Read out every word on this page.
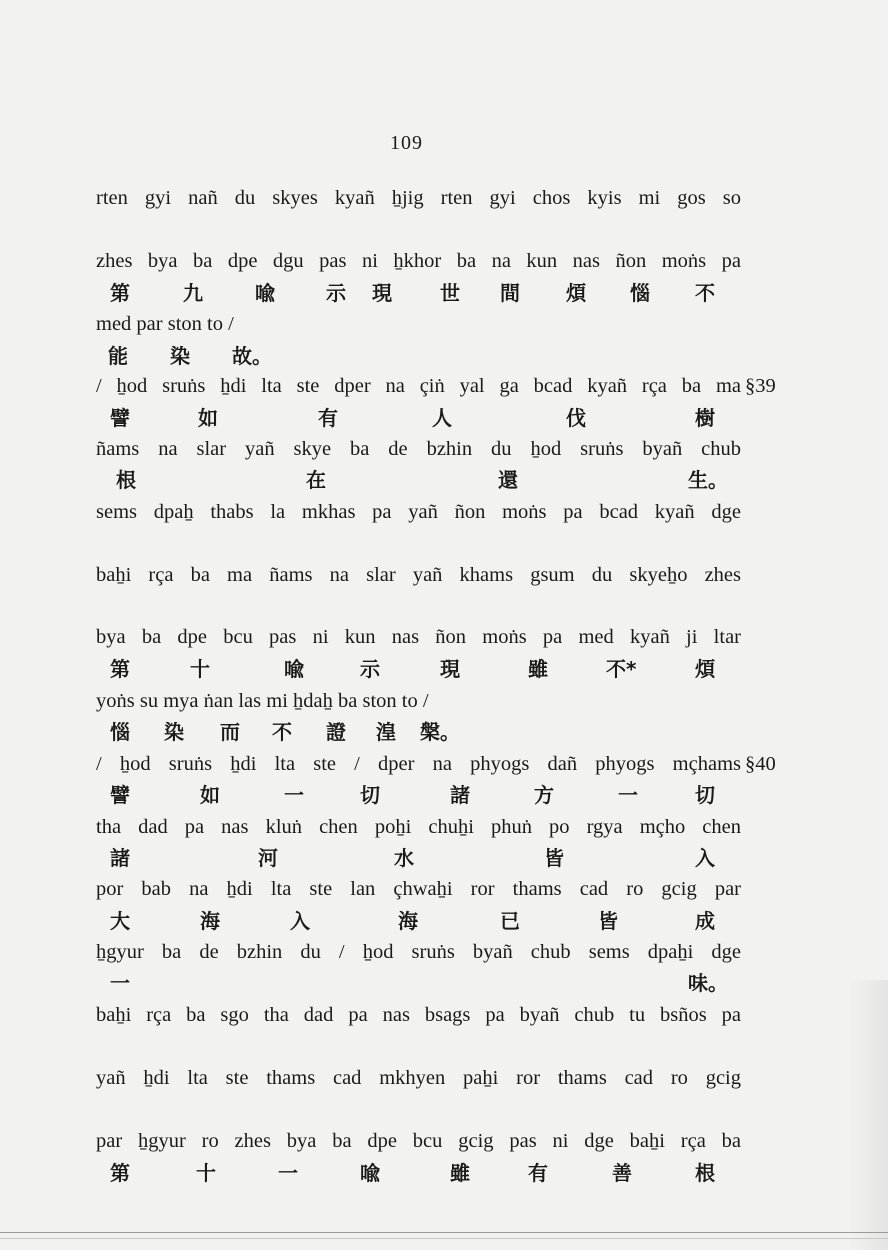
109
rten gyi nañ du skyes kyañ ẖjig rten gyi chos kyis mi gos so
zhes bya ba dpe dgu pas ni ẖkhor ba na kun nas ñon moṅs pa
第	九	喩	示 現 世 間 煩 惱 不
med par ston to /
能 染 故。
/ ẖod sruṅs ẖdi lta ste dper na çiṅ yal ga bcad kyañ rça ba ma §39
譬	如	有	人	伐	樹
ñams na slar yañ skye ba de bzhin du ẖod sruṅs byañ chub
根	在	還	生。
sems dpaẖ thabs la mkhas pa yañ ñon moṅs pa bcad kyañ dge
baẖi rça ba ma ñams na slar yañ khams gsum du skyeẖo zhes
bya ba dpe bcu pas ni kun nas ñon moṅs pa med kyañ ji ltar
第	十	喩	示	現	雖	不*	煩
yoṅs su mya ṅan las mi ẖdaẖ ba ston to /
惱 染 而 不 證 湟 槃。
/ ẖod sruṅs ẖdi lta ste / dper na phyogs dañ phyogs mçhams §40
譬	如	一	切	諸	方	一	切
tha dad pa nas kluṅ chen poẖi chuẖi phuṅ po rgya mçho chen
諸	河	水	皆	入
por bab na ẖdi lta ste lan çhwaẖi ror thams cad ro gcig par
大	海	入	海	已	皆	成
ẖgyur ba de bzhin du / ẖod sruṅs byañ chub sems dpaẖi dge
一	味。
baẖi rça ba sgo tha dad pa nas bsags pa byañ chub tu bsños pa
yañ ẖdi lta ste thams cad mkhyen paẖi ror thams cad ro gcig
par ẖgyur ro zhes bya ba dpe bcu gcig pas ni dge baẖi rça ba
第	十	一	喩	雖	有	善	根
